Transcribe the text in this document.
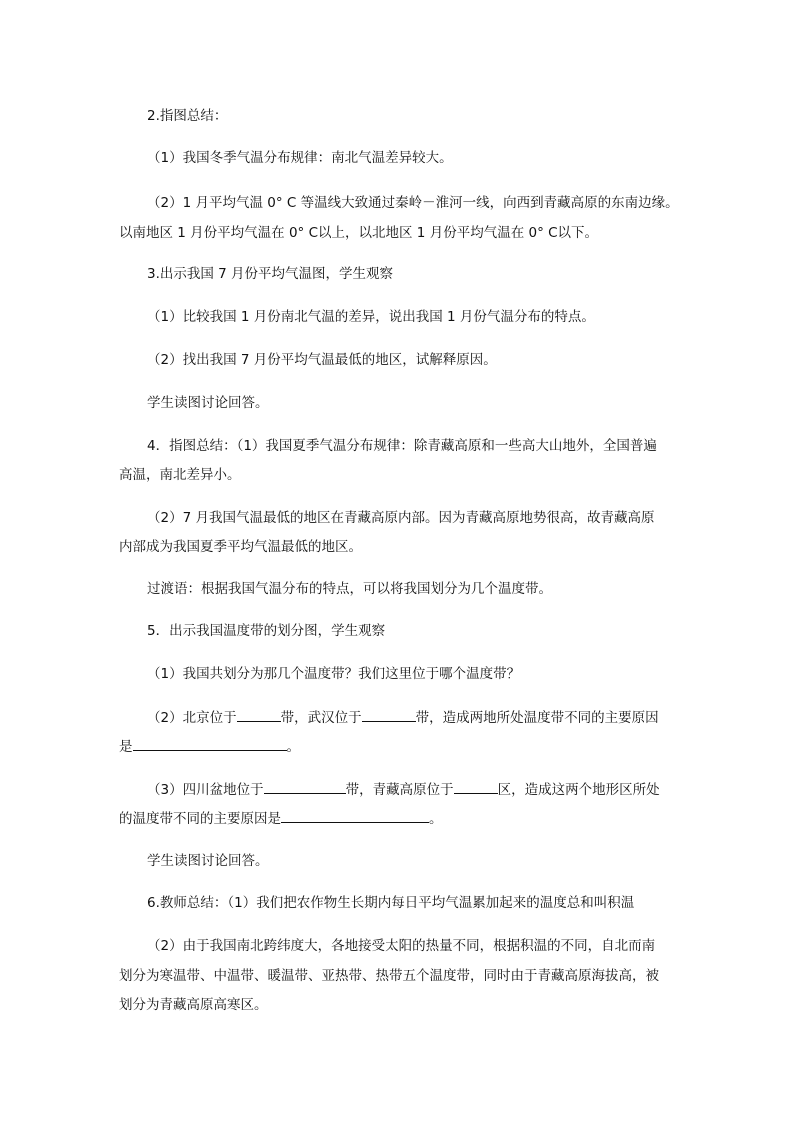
2.指图总结：
（1）我国冬季气温分布规律：南北气温差异较大。
（2）1 月平均气温 0° C 等温线大致通过秦岭－淮河一线，向西到青藏高原的东南边缘。
以南地区 1 月份平均气温在 0° C以上，以北地区 1 月份平均气温在 0° C以下。
3.出示我国 7 月份平均气温图，学生观察
（1）比较我国 1 月份南北气温的差异，说出我国 1 月份气温分布的特点。
（2）找出我国 7 月份平均气温最低的地区，试解释原因。
学生读图讨论回答。
4．指图总结：（1）我国夏季气温分布规律：除青藏高原和一些高大山地外，全国普遍
高温，南北差异小。
（2）7 月我国气温最低的地区在青藏高原内部。因为青藏高原地势很高，故青藏高原
内部成为我国夏季平均气温最低的地区。
过渡语：根据我国气温分布的特点，可以将我国划分为几个温度带。
5．出示我国温度带的划分图，学生观察
（1）我国共划分为那几个温度带？我们这里位于哪个温度带？
（2）北京位于	带，武汉位于	带，造成两地所处温度带不同的主要原因
是	。
（3）四川盆地位于	带，青藏高原位于	区，造成这两个地形区所处
的温度带不同的主要原因是	。
学生读图讨论回答。
6.教师总结：（1）我们把农作物生长期内每日平均气温累加起来的温度总和叫积温
（2）由于我国南北跨纬度大，各地接受太阳的热量不同，根据积温的不同，自北而南
划分为寒温带、中温带、暖温带、亚热带、热带五个温度带，同时由于青藏高原海拔高，被
划分为青藏高原高寒区。
